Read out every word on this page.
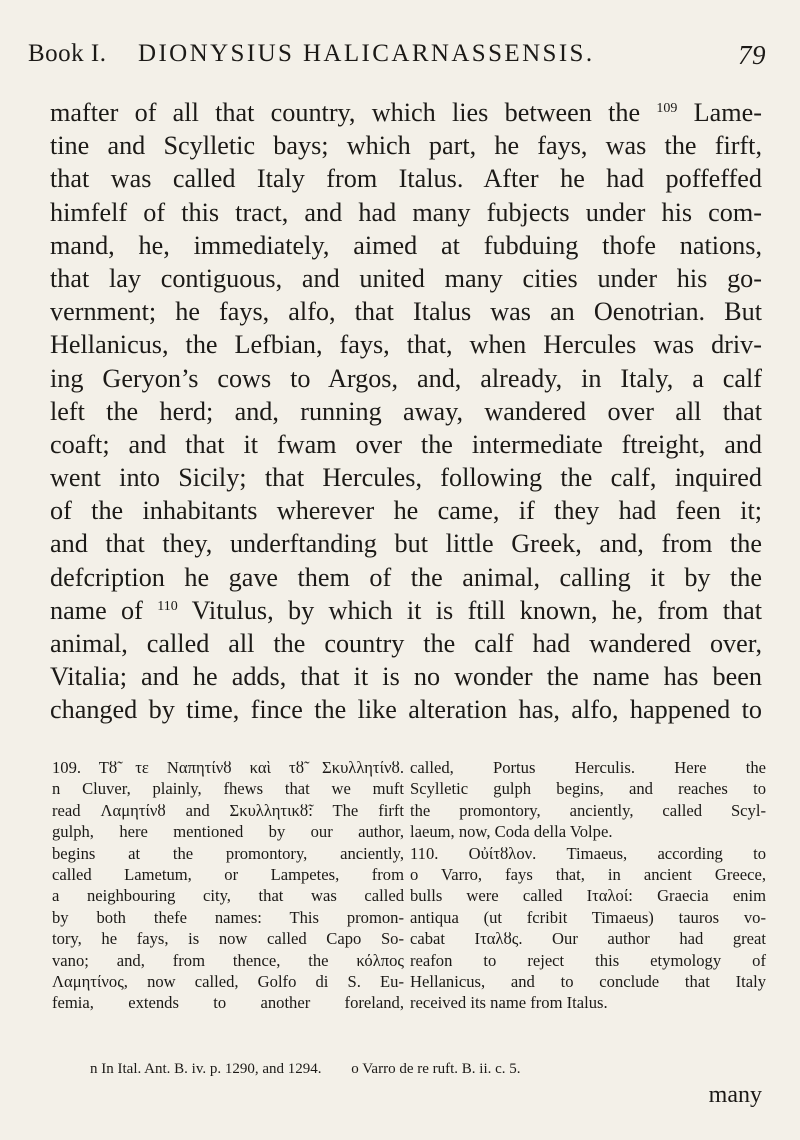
Book I. DIONYSIUS HALICARNASSENSIS.	79
mafter of all that country, which lies between the $^{109}$ Lame-
tine and Scylletic bays; which part, he fays, was the firft,
that was called Italy from Italus. After he had poffeffed
himfelf of this tract, and had many fubjects under his com-
mand, he, immediately, aimed at fubduing thofe nations,
that lay contiguous, and united many cities under his go-
vernment; he fays, alfo, that Italus was an Oenotrian. But
Hellanicus, the Lefbian, fays, that, when Hercules was driv-
ing Geryon’s cows to Argos, and, already, in Italy, a calf
left the herd; and, running away, wandered over all that
coaft; and that it fwam over the intermediate ftreight, and
went into Sicily; that Hercules, following the calf, inquired
of the inhabitants wherever he came, if they had feen it;
and that they, underftanding but little Greek, and, from the
defcription he gave them of the animal, calling it by the
name of $^{110}$ Vitulus, by which it is ftill known, he, from that
animal, called all the country the calf had wandered over,
Vitalia; and he adds, that it is no wonder the name has been
changed by time, fince the like alteration has, alfo, happened to
109. Τȣ̃ τε Ναπητίνȣ καὶ τȣ̃ Σκυλλητίνȣ.
n Cluver, plainly, fhews that we muft
read Λαμητίνȣ and Σκυλλητικȣ̃: The firft
gulph, here mentioned by our author,
begins at the promontory, anciently,
called Lametum, or Lampetes, from
a neighbouring city, that was called
by both thefe names: This promon-
tory, he fays, is now called Capo So-
vano; and, from thence, the κόλπος
Λαμητίνος, now called, Golfo di S. Eu-
femia, extends to another foreland,
called, Portus Herculis. Here the
Scylletic gulph begins, and reaches to
the promontory, anciently, called Scyl-
laeum, now, Coda della Volpe.
110. Οὐίτȣλον. Timaeus, according to
o Varro, fays that, in ancient Greece,
bulls were called Ιταλοί: Graecia enim
antiqua (ut fcribit Timaeus) tauros vo-
cabat Ιταλȣς. Our author had great
reafon to reject this etymology of
Hellanicus, and to conclude that Italy
received its name from Italus.
n In Ital. Ant. B. iv. p. 1290, and 1294. o Varro de re ruft. B. ii. c. 5.
many
